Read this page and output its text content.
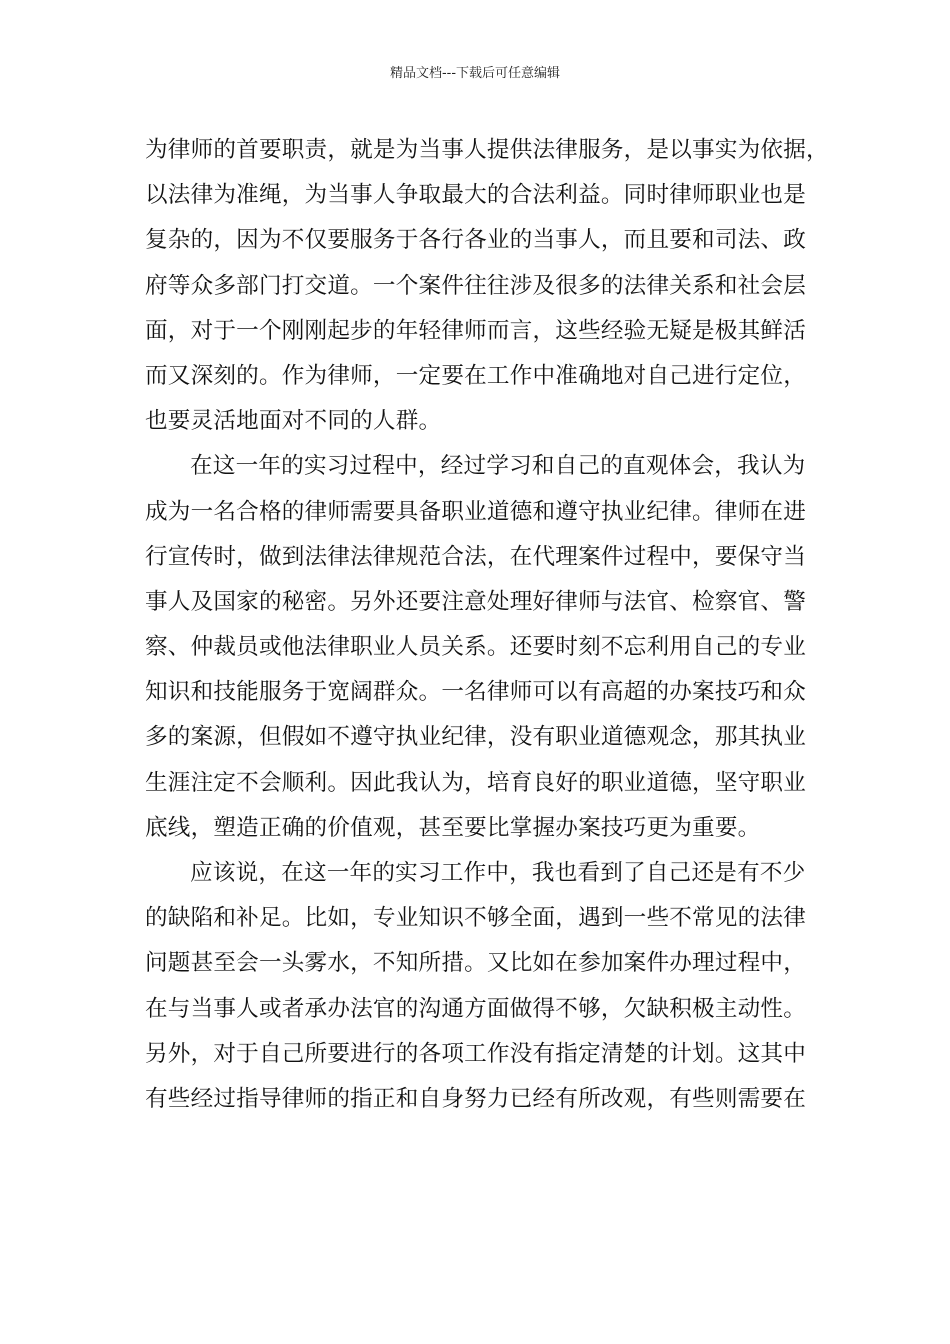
精品文档---下载后可任意编辑
为律师的首要职责，就是为当事人提供法律服务，是以事实为依据，
以法律为准绳，为当事人争取最大的合法利益。同时律师职业也是
复杂的，因为不仅要服务于各行各业的当事人，而且要和司法、政
府等众多部门打交道。一个案件往往涉及很多的法律关系和社会层
面，对于一个刚刚起步的年轻律师而言，这些经验无疑是极其鲜活
而又深刻的。作为律师，一定要在工作中准确地对自己进行定位，
也要灵活地面对不同的人群。
在这一年的实习过程中，经过学习和自己的直观体会，我认为
成为一名合格的律师需要具备职业道德和遵守执业纪律。律师在进
行宣传时，做到法律法律规范合法，在代理案件过程中，要保守当
事人及国家的秘密。另外还要注意处理好律师与法官、检察官、警
察、仲裁员或他法律职业人员关系。还要时刻不忘利用自己的专业
知识和技能服务于宽阔群众。一名律师可以有高超的办案技巧和众
多的案源，但假如不遵守执业纪律，没有职业道德观念，那其执业
生涯注定不会顺利。因此我认为，培育良好的职业道德，坚守职业
底线，塑造正确的价值观，甚至要比掌握办案技巧更为重要。
应该说，在这一年的实习工作中，我也看到了自己还是有不少
的缺陷和补足。比如，专业知识不够全面，遇到一些不常见的法律
问题甚至会一头雾水，不知所措。又比如在参加案件办理过程中，
在与当事人或者承办法官的沟通方面做得不够，欠缺积极主动性。
另外，对于自己所要进行的各项工作没有指定清楚的计划。这其中
有些经过指导律师的指正和自身努力已经有所改观，有些则需要在
